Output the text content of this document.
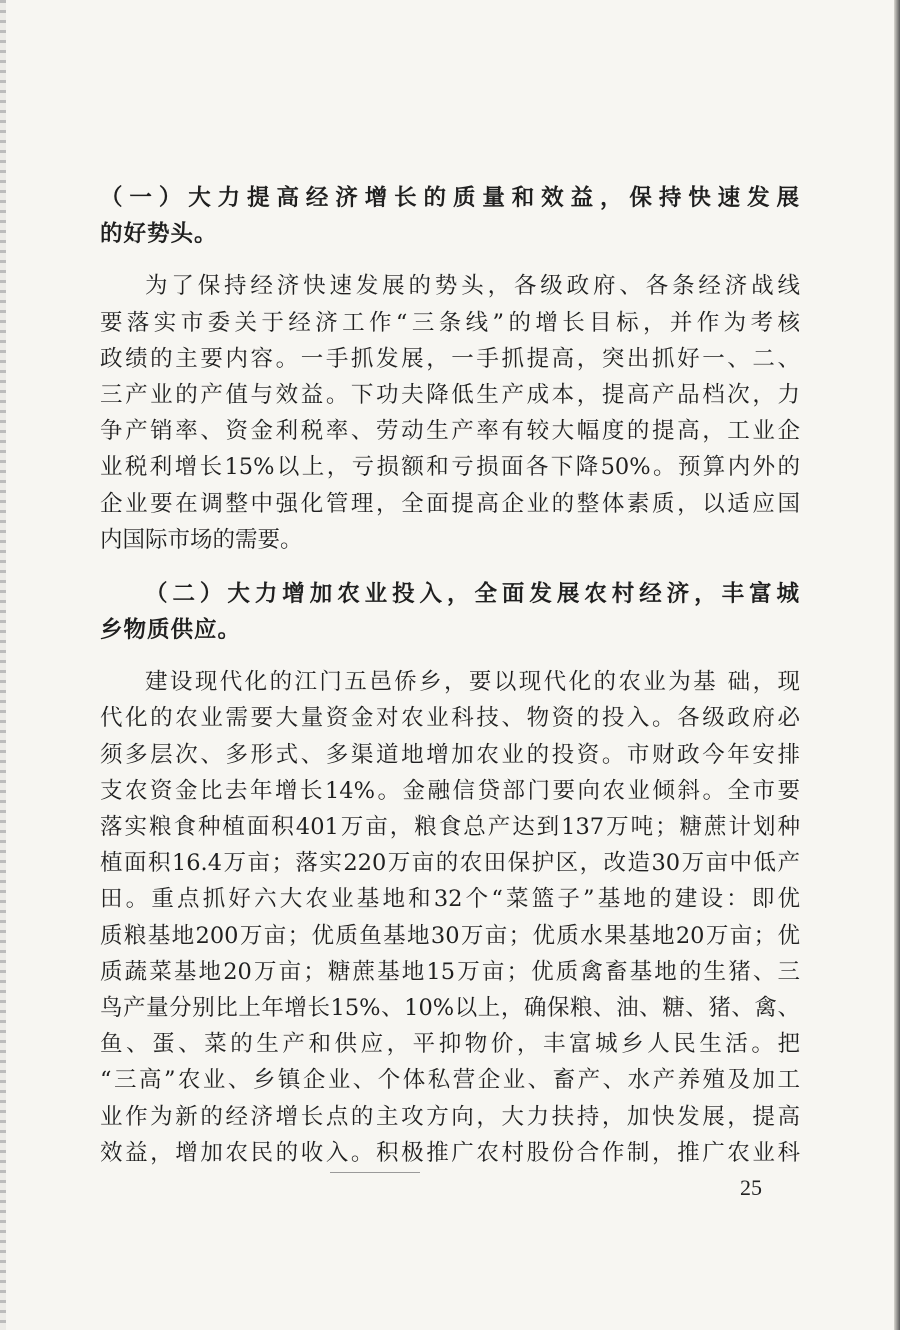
（一）大力提高经济增长的质量和效益，保持快速发展
的好势头。
为了保持经济快速发展的势头，各级政府、各条经济战线
要落实市委关于经济工作“三条线”的增长目标，并作为考核
政绩的主要内容。一手抓发展，一手抓提高，突出抓好一、二、
三产业的产值与效益。下功夫降低生产成本，提高产品档次，力
争产销率、资金利税率、劳动生产率有较大幅度的提高，工业企
业税利增长15%以上，亏损额和亏损面各下降50%。预算内外的
企业要在调整中强化管理，全面提高企业的整体素质，以适应国
内国际市场的需要。
（二）大力增加农业投入，全面发展农村经济，丰富城
乡物质供应。
建设现代化的江门五邑侨乡，要以现代化的农业为基 础，现
代化的农业需要大量资金对农业科技、物资的投入。各级政府必
须多层次、多形式、多渠道地增加农业的投资。市财政今年安排
支农资金比去年增长14%。金融信贷部门要向农业倾斜。全市要
落实粮食种植面积401万亩，粮食总产达到137万吨；糖蔗计划种
植面积16.4万亩；落实220万亩的农田保护区，改造30万亩中低产
田。重点抓好六大农业基地和32个“菜篮子”基地的建设：即优
质粮基地200万亩；优质鱼基地30万亩；优质水果基地20万亩；优
质蔬菜基地20万亩；糖蔗基地15万亩；优质禽畜基地的生猪、三
鸟产量分别比上年增长15%、10%以上，确保粮、油、糖、猪、禽、
鱼、蛋、菜的生产和供应，平抑物价，丰富城乡人民生活。把
“三高”农业、乡镇企业、个体私营企业、畜产、水产养殖及加工
业作为新的经济增长点的主攻方向，大力扶持，加快发展，提高
效益，增加农民的收入。积极推广农村股份合作制，推广农业科
25
